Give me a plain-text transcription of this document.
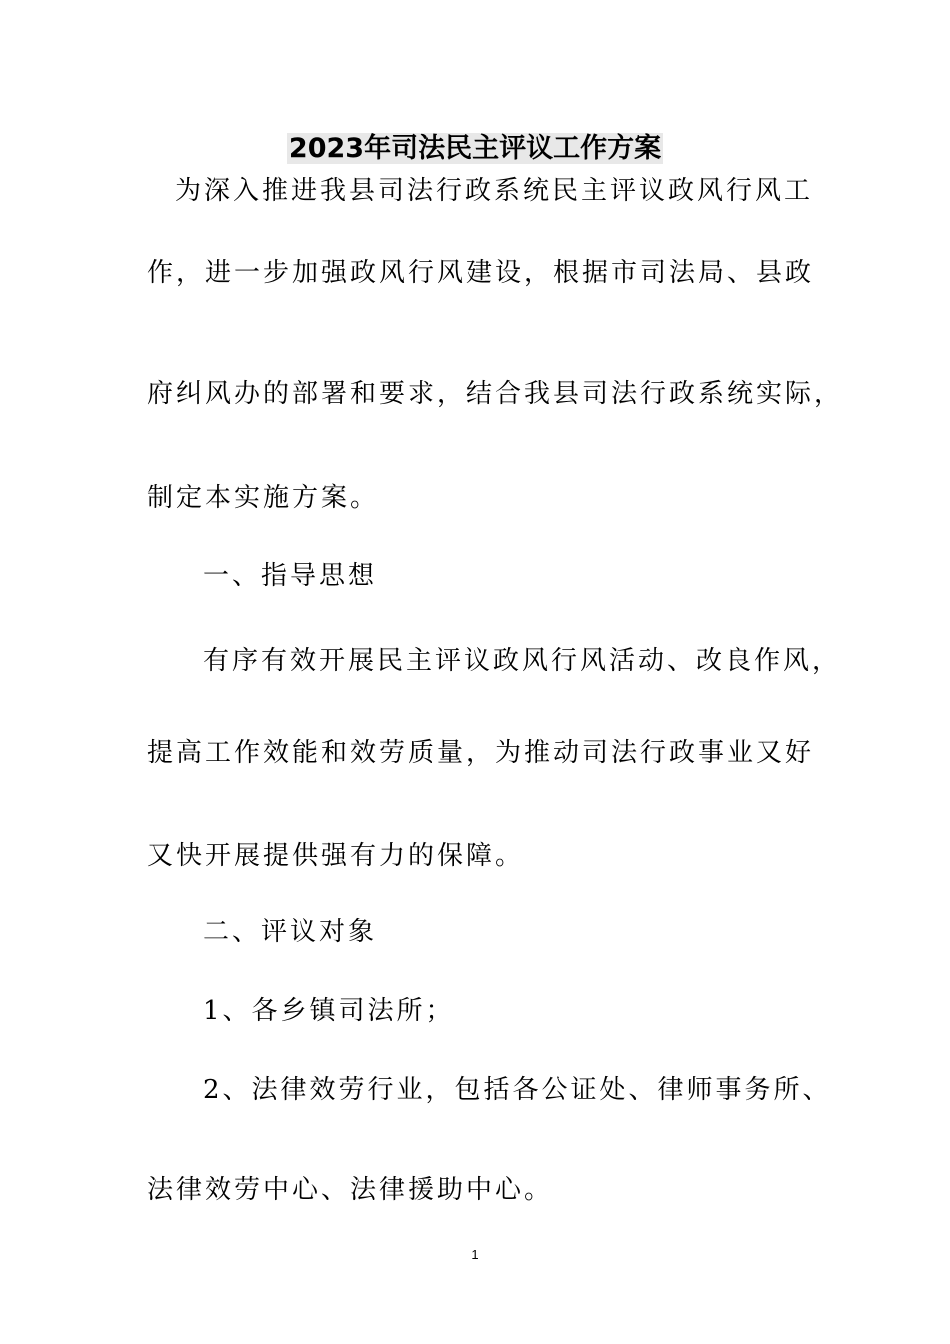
2023年司法民主评议工作方案
为深入推进我县司法行政系统民主评议政风行风工
作，进一步加强政风行风建设，根据市司法局、县政
府纠风办的部署和要求，结合我县司法行政系统实际，
制定本实施方案。
一、指导思想
有序有效开展民主评议政风行风活动、改良作风，
提高工作效能和效劳质量，为推动司法行政事业又好
又快开展提供强有力的保障。
二、评议对象
1、各乡镇司法所；
2、法律效劳行业，包括各公证处、律师事务所、
法律效劳中心、法律援助中心。
1
